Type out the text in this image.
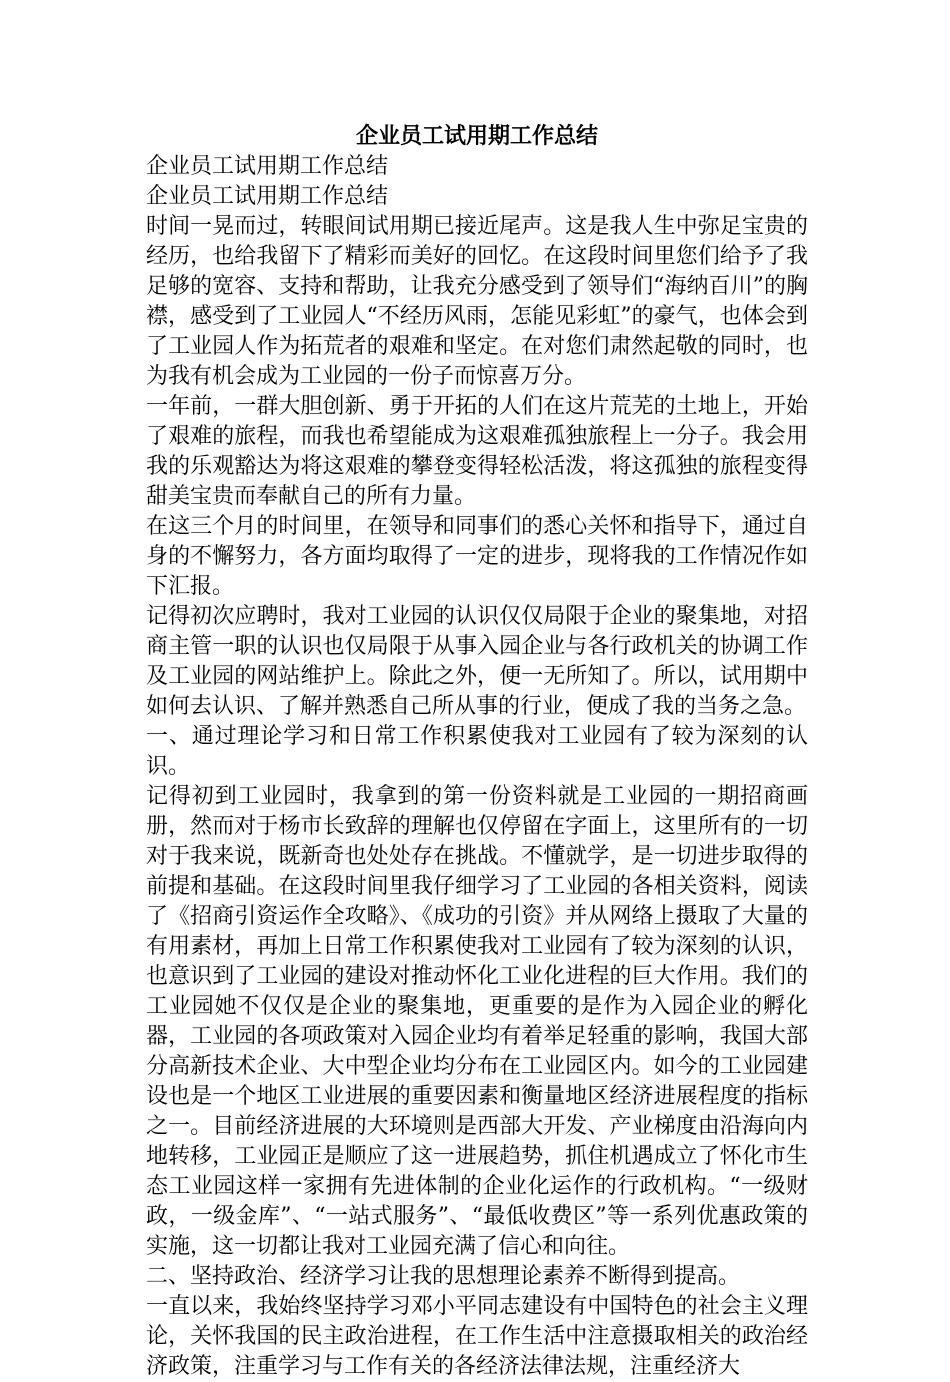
企业员工试用期工作总结

企业员工试用期工作总结

企业员工试用期工作总结

时间一晃而过，转眼间试用期已接近尾声。这是我人生中弥足宝贵的经历，也给我留下了精彩而美好的回忆。在这段时间里您们给予了我足够的宽容、支持和帮助，让我充分感受到了领导们“海纳百川”的胸襟，感受到了工业园人“不经历风雨，怎能见彩虹”的豪气，也体会到了工业园人作为拓荒者的艰难和坚定。在对您们肃然起敬的同时，也为我有机会成为工业园的一份子而惊喜万分。

一年前，一群大胆创新、勇于开拓的人们在这片荒芜的土地上，开始了艰难的旅程，而我也希望能成为这艰难孤独旅程上一分子。我会用我的乐观豁达为将这艰难的攀登变得轻松活泼，将这孤独的旅程变得甜美宝贵而奉献自己的所有力量。

在这三个月的时间里，在领导和同事们的悉心关怀和指导下，通过自身的不懈努力，各方面均取得了一定的进步，现将我的工作情况作如下汇报。

记得初次应聘时，我对工业园的认识仅仅局限于企业的聚集地，对招商主管一职的认识也仅局限于从事入园企业与各行政机关的协调工作及工业园的网站维护上。除此之外，便一无所知了。所以，试用期中如何去认识、了解并熟悉自己所从事的行业，便成了我的当务之急。

一、通过理论学习和日常工作积累使我对工业园有了较为深刻的认识。

记得初到工业园时，我拿到的第一份资料就是工业园的一期招商画册，然而对于杨市长致辞的理解也仅停留在字面上，这里所有的一切对于我来说，既新奇也处处存在挑战。不懂就学，是一切进步取得的前提和基础。在这段时间里我仔细学习了工业园的各相关资料，阅读了《招商引资运作全攻略》、《成功的引资》并从网络上摄取了大量的有用素材，再加上日常工作积累使我对工业园有了较为深刻的认识，也意识到了工业园的建设对推动怀化工业化进程的巨大作用。我们的工业园她不仅仅是企业的聚集地，更重要的是作为入园企业的孵化器，工业园的各项政策对入园企业均有着举足轻重的影响，我国大部分高新技术企业、大中型企业均分布在工业园区内。如今的工业园建设也是一个地区工业进展的重要因素和衡量地区经济进展程度的指标之一。目前经济进展的大环境则是西部大开发、产业梯度由沿海向内地转移，工业园正是顺应了这一进展趋势，抓住机遇成立了怀化市生态工业园这样一家拥有先进体制的企业化运作的行政机构。“一级财政，一级金库”、“一站式服务”、“最低收费区”等一系列优惠政策的实施，这一切都让我对工业园充满了信心和向往。

二、坚持政治、经济学习让我的思想理论素养不断得到提高。

一直以来，我始终坚持学习邓小平同志建设有中国特色的社会主义理论，关怀我国的民主政治进程，在工作生活中注意摄取相关的政治经济政策，注重学习与工作有关的各经济法律法规，注重经济大
